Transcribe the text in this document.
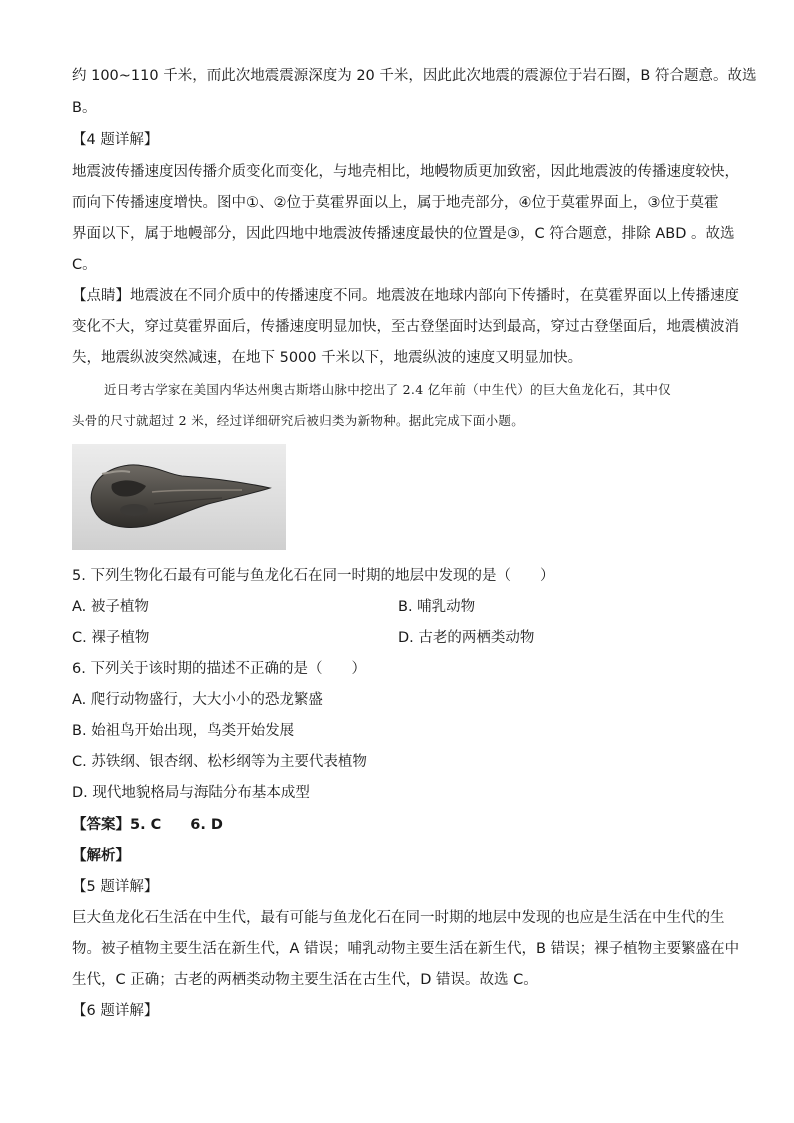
约 100~110 千米，而此次地震震源深度为 20 千米，因此此次地震的震源位于岩石圈，B 符合题意。故选
B。
【4 题详解】
地震波传播速度因传播介质变化而变化，与地壳相比，地幔物质更加致密，因此地震波的传播速度较快，
而向下传播速度增快。图中①、②位于莫霍界面以上，属于地壳部分，④位于莫霍界面上，③位于莫霍
界面以下，属于地幔部分，因此四地中地震波传播速度最快的位置是③，C 符合题意，排除 ABD 。故选
C。
【点睛】地震波在不同介质中的传播速度不同。地震波在地球内部向下传播时，在莫霍界面以上传播速度
变化不大，穿过莫霍界面后，传播速度明显加快，至古登堡面时达到最高，穿过古登堡面后，地震横波消
失，地震纵波突然减速，在地下 5000 千米以下，地震纵波的速度又明显加快。
近日考古学家在美国内华达州奥古斯塔山脉中挖出了 2.4 亿年前（中生代）的巨大鱼龙化石，其中仅
头骨的尺寸就超过 2 米，经过详细研究后被归类为新物种。据此完成下面小题。
5. 下列生物化石最有可能与鱼龙化石在同一时期的地层中发现的是（　　）
A. 被子植物	B. 哺乳动物
C. 裸子植物	D. 古老的两栖类动物
6. 下列关于该时期的描述不正确的是（　　）
A. 爬行动物盛行，大大小小的恐龙繁盛
B. 始祖鸟开始出现，鸟类开始发展
C. 苏铁纲、银杏纲、松杉纲等为主要代表植物
D. 现代地貌格局与海陆分布基本成型
【答案】5. C　　6. D
【解析】
【5 题详解】
巨大鱼龙化石生活在中生代，最有可能与鱼龙化石在同一时期的地层中发现的也应是生活在中生代的生
物。被子植物主要生活在新生代，A 错误；哺乳动物主要生活在新生代，B 错误；裸子植物主要繁盛在中
生代，C 正确；古老的两栖类动物主要生活在古生代，D 错误。故选 C。
【6 题详解】
